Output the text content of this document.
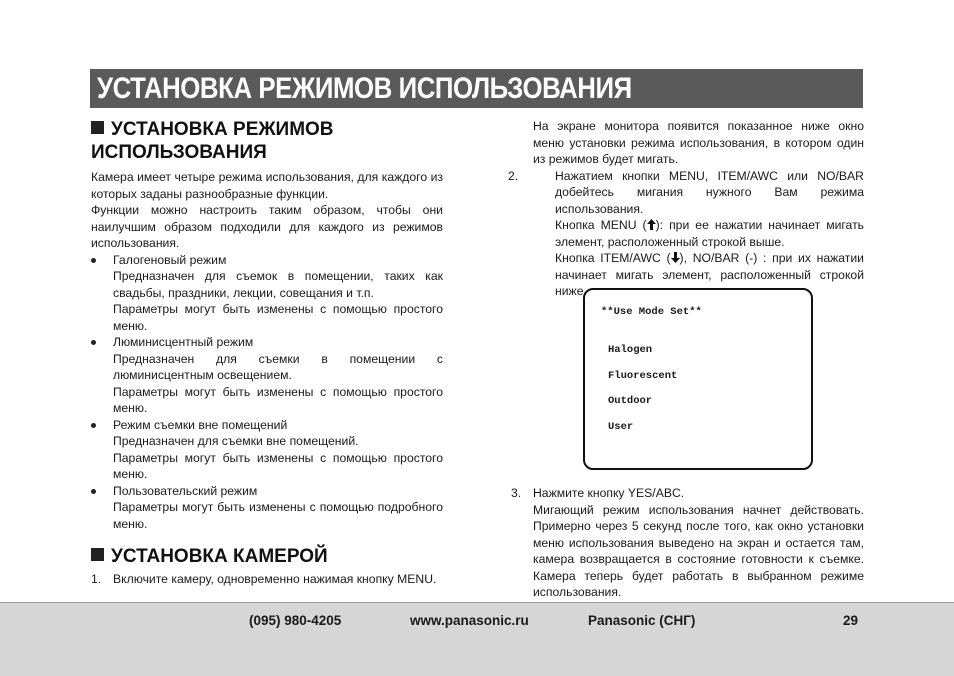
УСТАНОВКА РЕЖИМОВ ИСПОЛЬЗОВАНИЯ
УСТАНОВКА РЕЖИМОВ
ИСПОЛЬЗОВАНИЯ

Камера имеет четыре режима использования, для каждого из которых заданы разнообразные функции.

Функции можно настроить таким образом, чтобы они наилучшим образом подходили для каждого из режимов использования.

Галогеновый режим

Предназначен для съемок в помещении, таких как свадьбы, праздники, лекции, совещания и т.п.

Параметры могут быть изменены с помощью простого меню.

Люминисцентный режим

Предназначен для съемки в помещении с люминисцентным освещением.

Параметры могут быть изменены с помощью простого меню.

Режим съемки вне помещений

Предназначен для съемки вне помещений.

Параметры могут быть изменены с помощью простого меню.

Пользовательский режим

Параметры могут быть изменены с помощью подробного меню.

УСТАНОВКА КАМЕРОЙ
1. Включите камеру, одновременно нажимая кнопку MENU.

На экране монитора появится показанное ниже окно меню установки режима использования, в котором один из режимов будет мигать.

2.	Нажатием кнопки MENU, ITEM/AWC или NO/BAR добейтесь мигания нужного Вам режима использования.

Кнопка MENU ( ): при ее нажатии начинает мигать элемент, расположенный строкой выше.

Кнопка ITEM/AWC ( ), NO/BAR (-) : при их нажатии начинает мигать элемент, расположенный строкой ниже.

**Use Mode Set**
Halogen
Fluorescent
Outdoor
User
3. Нажмите кнопку YES/ABC.

Мигающий режим использования начнет действовать. Примерно через 5 секунд после того, как окно установки меню использования выведено на экран и остается там, камера возвращается в состояние готовности к съемке. Камера теперь будет работать в выбранном режиме использования.

(095) 980-4205	www.panasonic.ru	Panasonic (СНГ)	29
